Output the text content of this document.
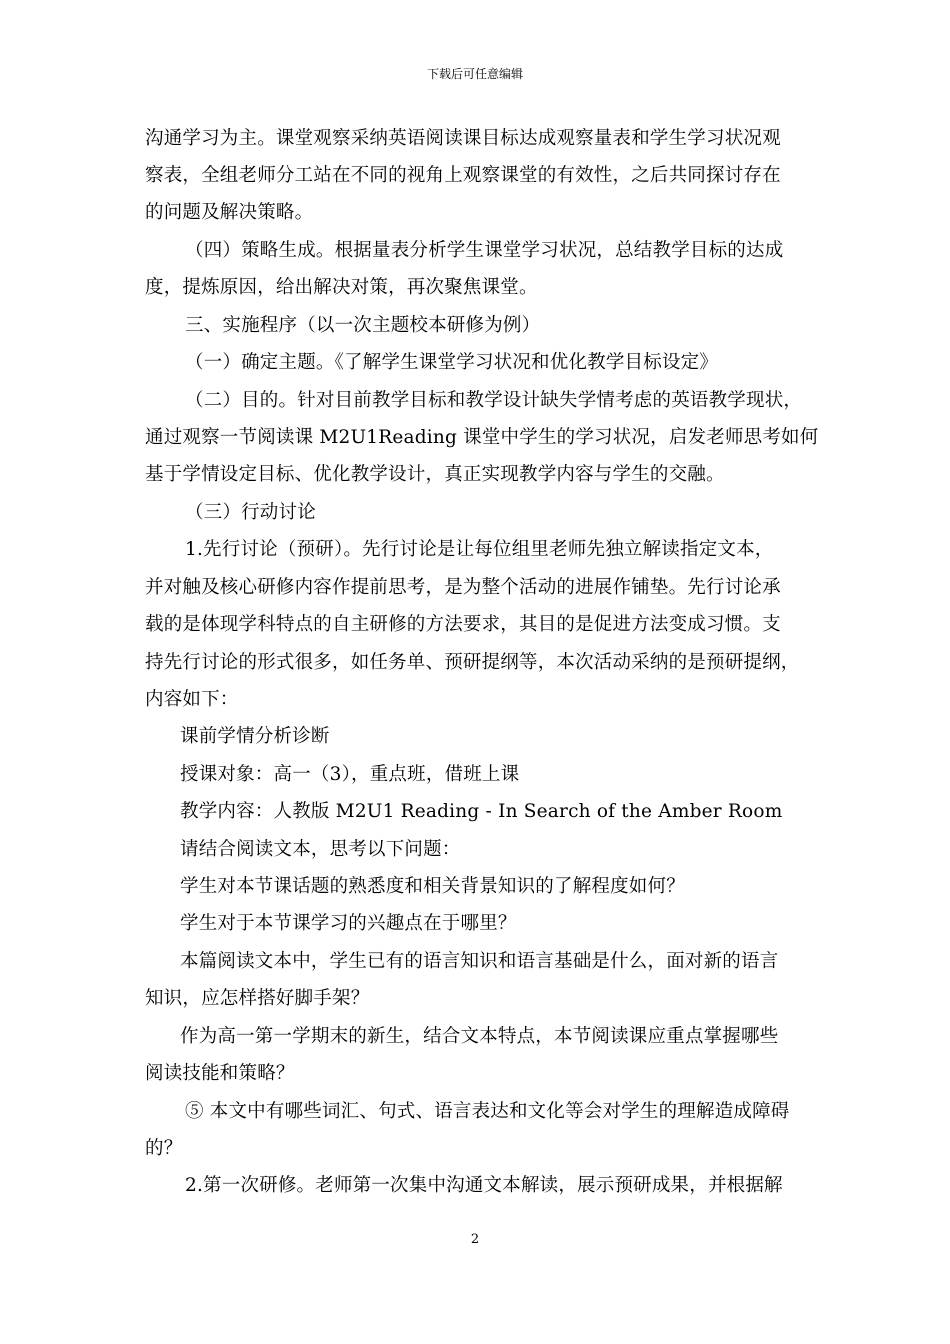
下载后可任意编辑
沟通学习为主。课堂观察采纳英语阅读课目标达成观察量表和学生学习状况观
察表，全组老师分工站在不同的视角上观察课堂的有效性，之后共同探讨存在
的问题及解决策略。
（四）策略生成。根据量表分析学生课堂学习状况，总结教学目标的达成
度，提炼原因，给出解决对策，再次聚焦课堂。
三、实施程序（以一次主题校本研修为例）
（一）确定主题。《了解学生课堂学习状况和优化教学目标设定》
（二）目的。针对目前教学目标和教学设计缺失学情考虑的英语教学现状，
通过观察一节阅读课 M2U1Reading 课堂中学生的学习状况，启发老师思考如何
基于学情设定目标、优化教学设计，真正实现教学内容与学生的交融。
（三）行动讨论
1.先行讨论（预研）。先行讨论是让每位组里老师先独立解读指定文本，
并对触及核心研修内容作提前思考，是为整个活动的进展作铺垫。先行讨论承
载的是体现学科特点的自主研修的方法要求，其目的是促进方法变成习惯。支
持先行讨论的形式很多，如任务单、预研提纲等，本次活动采纳的是预研提纲，
内容如下：
课前学情分析诊断
授课对象：高一（3），重点班，借班上课
教学内容：人教版 M2U1 Reading - In Search of the Amber Room
请结合阅读文本，思考以下问题：
学生对本节课话题的熟悉度和相关背景知识的了解程度如何？
学生对于本节课学习的兴趣点在于哪里？
本篇阅读文本中，学生已有的语言知识和语言基础是什么，面对新的语言
知识，应怎样搭好脚手架？
作为高一第一学期末的新生，结合文本特点，本节阅读课应重点掌握哪些
阅读技能和策略？
⑤ 本文中有哪些词汇、句式、语言表达和文化等会对学生的理解造成障碍
的？
2.第一次研修。老师第一次集中沟通文本解读，展示预研成果，并根据解
2
